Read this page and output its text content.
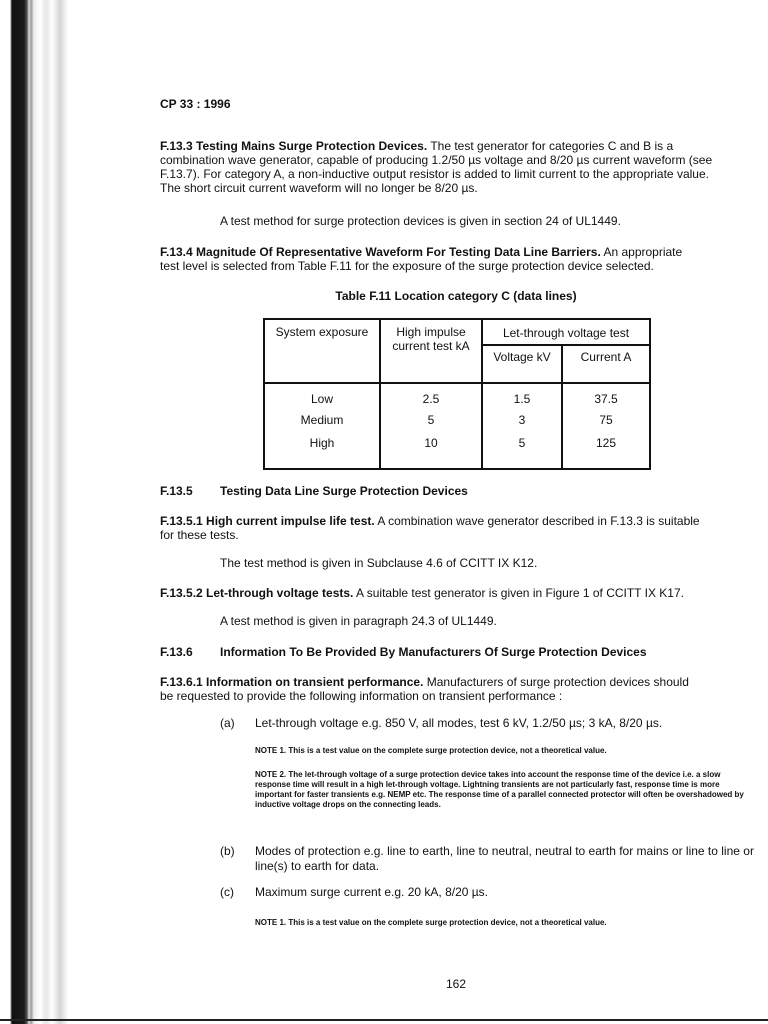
CP 33 : 1996
F.13.3 Testing Mains Surge Protection Devices. The test generator for categories C and B is a
combination wave generator, capable of producing 1.2/50 µs voltage and 8/20 µs current waveform (see
F.13.7). For category A, a non-inductive output resistor is added to limit current to the appropriate value.
The short circuit current waveform will no longer be 8/20 µs.
A test method for surge protection devices is given in section 24 of UL1449.
F.13.4 Magnitude Of Representative Waveform For Testing Data Line Barriers. An appropriate
test level is selected from Table F.11 for the exposure of the surge protection device selected.
Table F.11 Location category C (data lines)
System exposure	High impulse current test kA	Let-through voltage test	
		Voltage kV	Current A
Low	2.5	1.5	37.5
Medium	5	3	75
High	10	5	125
F.13.5 Testing Data Line Surge Protection Devices
F.13.5.1 High current impulse life test. A combination wave generator described in F.13.3 is suitable
for these tests.
The test method is given in Subclause 4.6 of CCITT IX K12.
F.13.5.2 Let-through voltage tests. A suitable test generator is given in Figure 1 of CCITT IX K17.
A test method is given in paragraph 24.3 of UL1449.
F.13.6 Information To Be Provided By Manufacturers Of Surge Protection Devices
F.13.6.1 Information on transient performance. Manufacturers of surge protection devices should
be requested to provide the following information on transient performance :
(a) Let-through voltage e.g. 850 V, all modes, test 6 kV, 1.2/50 µs; 3 kA, 8/20 µs.
NOTE 1. This is a test value on the complete surge protection device, not a theoretical value.
NOTE 2. The let-through voltage of a surge protection device takes into account the response time of the device i.e. a slow response time will result in a high let-through voltage. Lightning transients are not particularly fast, response time is more important for faster transients e.g. NEMP etc. The response time of a parallel connected protector will often be overshadowed by inductive voltage drops on the connecting leads.
(b) Modes of protection e.g. line to earth, line to neutral, neutral to earth for mains or line to line or line(s) to earth for data.
(c) Maximum surge current e.g. 20 kA, 8/20 µs.
NOTE 1. This is a test value on the complete surge protection device, not a theoretical value.
162
